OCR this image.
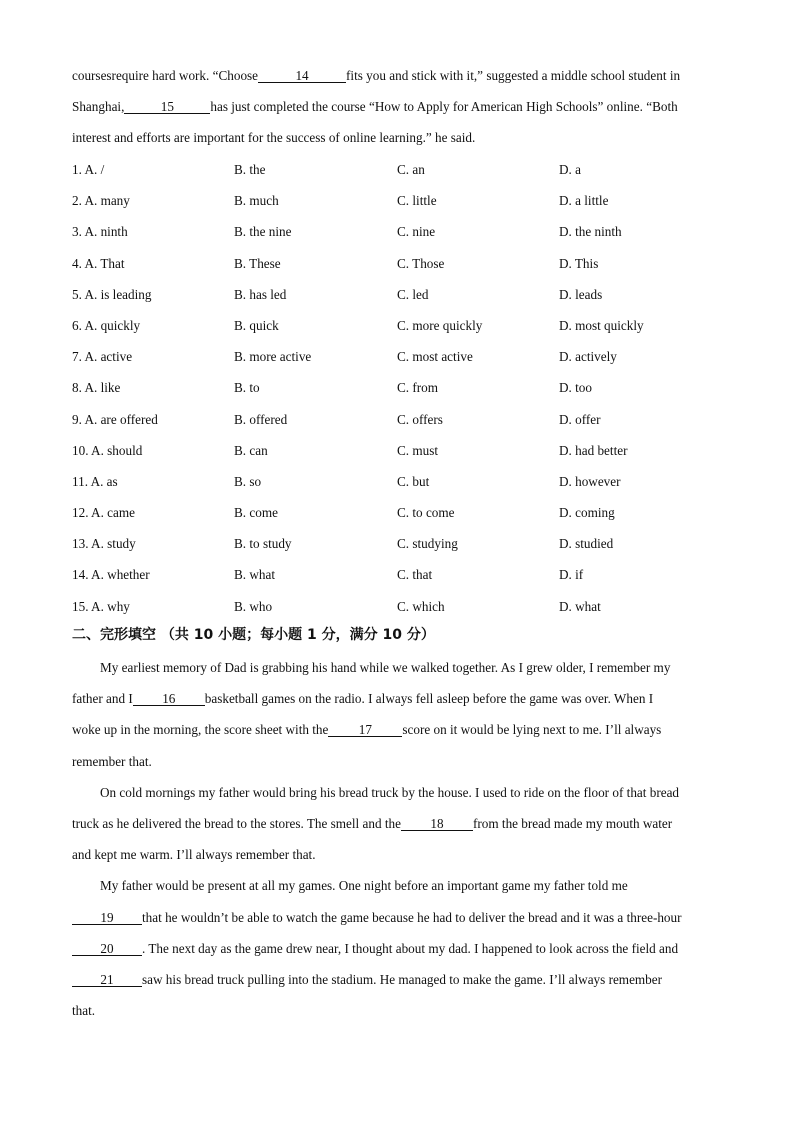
coursesrequire hard work. “Choose	14	fits you and stick with it,” suggested a middle school student in
Shanghai,	15	has just completed the course “How to Apply for American High Schools” online. “Both
interest and efforts are important for the success of online learning.” he said.
1. A. /	B. the	C. an	D. a
2. A. many	B. much	C. little	D. a little
3. A. ninth	B. the nine	C. nine	D. the ninth
4. A. That	B. These	C. Those	D. This
5. A. is leading	B. has led	C. led	D. leads
6. A. quickly	B. quick	C. more quickly	D. most quickly
7. A. active	B. more active	C. most active	D. actively
8. A. like	B. to	C. from	D. too
9. A. are offered	B. offered	C. offers	D. offer
10. A. should	B. can	C. must	D. had better
11. A. as	B. so	C. but	D. however
12. A. came	B. come	C. to come	D. coming
13. A. study	B. to study	C. studying	D. studied
14. A. whether	B. what	C. that	D. if
15. A. why	B. who	C. which	D. what
二、完形填空 （共 10 小题；每小题 1 分，满分 10 分）
My earliest memory of Dad is grabbing his hand while we walked together. As I grew older, I remember my
father and I 16 basketball games on the radio. I always fell asleep before the game was over. When I
woke up in the morning, the score sheet with the 17 score on it would be lying next to me. I’ll always
remember that.
On cold mornings my father would bring his bread truck by the house. I used to ride on the floor of that bread
truck as he delivered the bread to the stores. The smell and the 18 from the bread made my mouth water
and kept me warm. I’ll always remember that.
My father would be present at all my games. One night before an important game my father told me
19 that he wouldn’t be able to watch the game because he had to deliver the bread and it was a three-hour
20 . The next day as the game drew near, I thought about my dad. I happened to look across the field and
21 saw his bread truck pulling into the stadium. He managed to make the game. I’ll always remember
that.
